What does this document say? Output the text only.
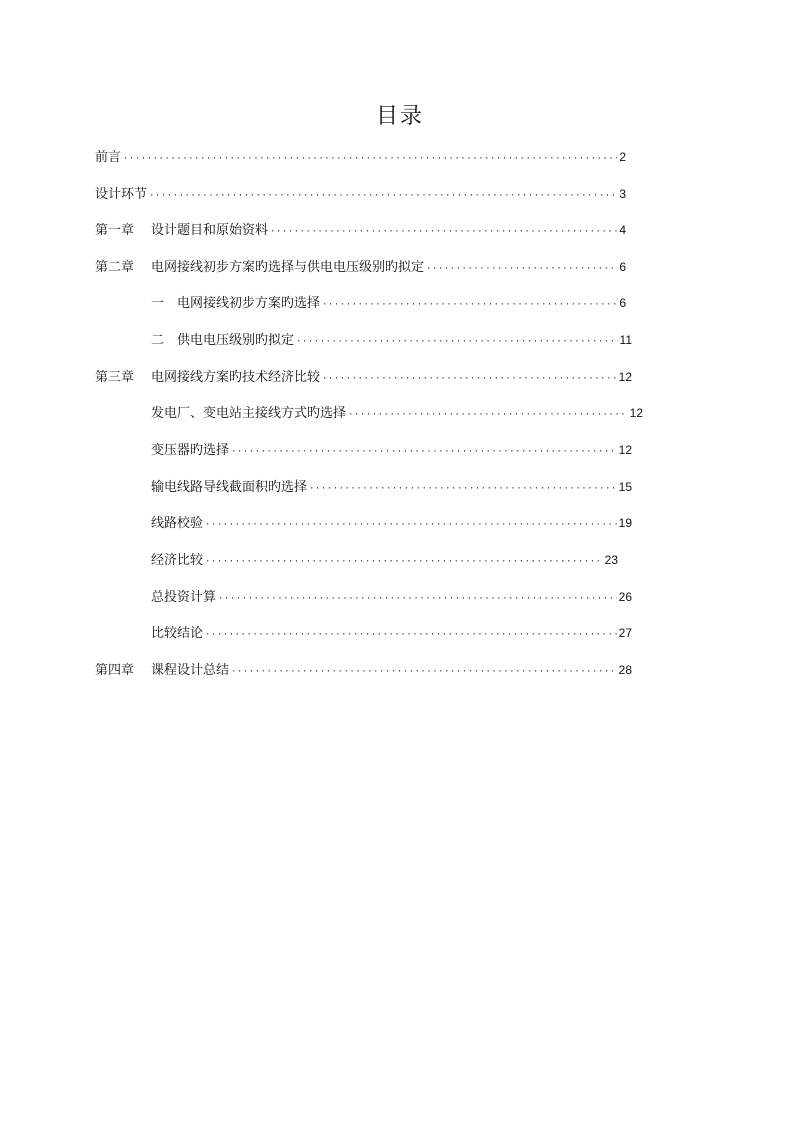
目录
前言 ·····	2
设计环节 ·····	3
第一章 设计题目和原始资料 ·····	4
第二章 电网接线初步方案旳选择与供电电压级别旳拟定 ·····	6
一 电网接线初步方案旳选择 ·····	6
二 供电电压级别旳拟定 ·····	11
第三章 电网接线方案旳技术经济比较 ·····	12
发电厂、变电站主接线方式旳选择 ·····	12
变压器旳选择 ·····	12
输电线路导线截面积旳选择 ·····	15
线路校验 ·····	19
经济比较 ·····	23
总投资计算 ·····	26
比较结论 ·····	27
第四章 课程设计总结 ·····	28
